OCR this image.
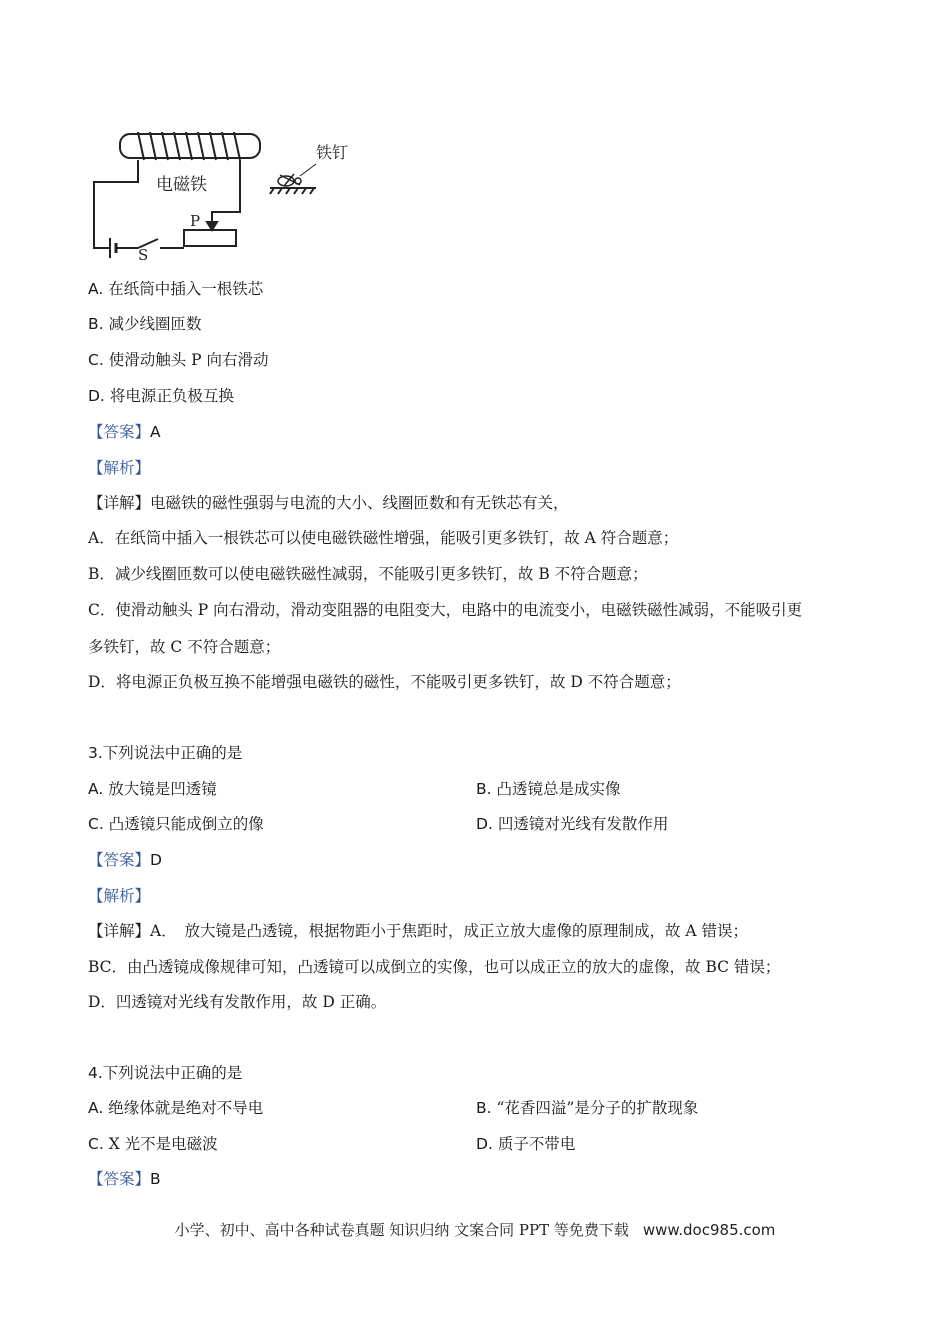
电磁铁
铁钉
P
S
A. 在纸筒中插入一根铁芯
B. 减少线圈匝数
C. 使滑动触头 P 向右滑动
D. 将电源正负极互换
【答案】A
【解析】
【详解】电磁铁的磁性强弱与电流的大小、线圈匝数和有无铁芯有关，
A．在纸筒中插入一根铁芯可以使电磁铁磁性增强，能吸引更多铁钉，故 A 符合题意；
B．减少线圈匝数可以使电磁铁磁性减弱，不能吸引更多铁钉，故 B 不符合题意；
C．使滑动触头 P 向右滑动，滑动变阻器的电阻变大，电路中的电流变小，电磁铁磁性减弱，不能吸引更
多铁钉，故 C 不符合题意；
D．将电源正负极互换不能增强电磁铁的磁性，不能吸引更多铁钉，故 D 不符合题意；
3.下列说法中正确的是
A. 放大镜是凹透镜	B. 凸透镜总是成实像
C. 凸透镜只能成倒立的像	D. 凹透镜对光线有发散作用
【答案】D
【解析】
【详解】A．　放大镜是凸透镜，根据物距小于焦距时，成正立放大虚像的原理制成，故 A 错误；
BC．由凸透镜成像规律可知，凸透镜可以成倒立的实像，也可以成正立的放大的虚像，故 BC 错误；
D．凹透镜对光线有发散作用，故 D 正确。
4.下列说法中正确的是
A. 绝缘体就是绝对不导电	B. “花香四溢”是分子的扩散现象
C. X 光不是电磁波	D. 质子不带电
【答案】B
小学、初中、高中各种试卷真题 知识归纳 文案合同 PPT 等免费下载 www.doc985.com
